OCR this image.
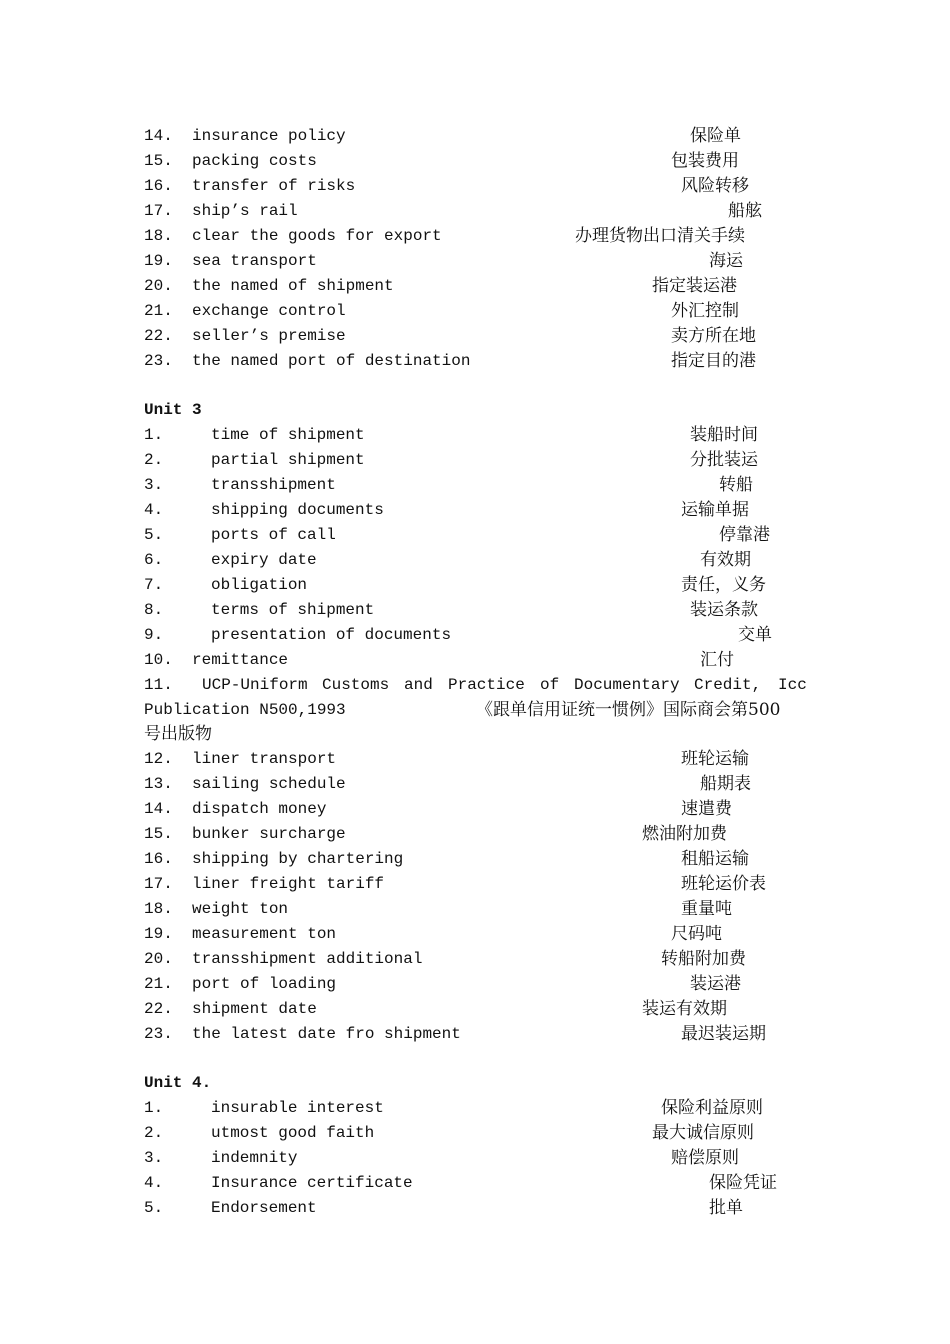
14. insurance policy	保险单
15. packing costs	包装费用
16. transfer of risks	风险转移
17. ship’s rail	船舷
18. clear the goods for export	办理货物出口清关手续
19. sea transport	海运
20. the named of shipment	指定装运港
21. exchange control	外汇控制
22. seller’s premise	卖方所在地
23. the named port of destination	指定目的港
Unit 3
1.	time of shipment	装船时间
2.	partial shipment	分批装运
3.	transshipment	转船
4.	shipping documents	运输单据
5.	ports of call	停靠港
6.	expiry date	有效期
7.	obligation	责任，义务
8.	terms of shipment	装运条款
9.	presentation of documents	交单
10. remittance	汇付
11. UCP-Uniform Customs and Practice of Documentary Credit, Icc
Publication N500,1993	《跟单信用证统一惯例》国际商会第500
号出版物
12. liner transport	班轮运输
13. sailing schedule	船期表
14. dispatch money	速遣费
15. bunker surcharge	燃油附加费
16. shipping by chartering	租船运输
17. liner freight tariff	班轮运价表
18. weight ton	重量吨
19. measurement ton	尺码吨
20. transshipment additional	转船附加费
21. port of loading	装运港
22. shipment date	装运有效期
23. the latest date fro shipment	最迟装运期
Unit 4.
1.	insurable interest	保险利益原则
2.	utmost good faith	最大诚信原则
3.	indemnity	赔偿原则
4.	Insurance certificate	保险凭证
5.	Endorsement	批单
